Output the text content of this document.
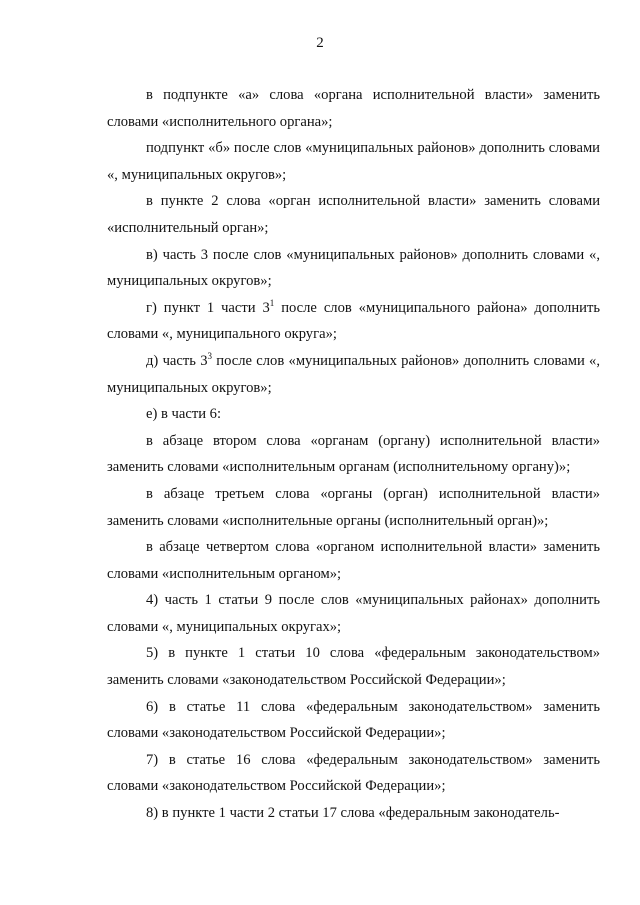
2

в подпункте «а» слова «органа исполнительной власти» заменить словами «исполнительного органа»;

подпункт «б» после слов «муниципальных районов» дополнить словами «, муниципальных округов»;

в пункте 2 слова «орган исполнительной власти» заменить словами «исполнительный орган»;

в) часть 3 после слов «муниципальных районов» дополнить словами «, муниципальных округов»;

г) пункт 1 части $3^1$ после слов «муниципального района» дополнить словами «, муниципального округа»;

д) часть $3^3$ после слов «муниципальных районов» дополнить словами «, муниципальных округов»;

е) в части 6:

в абзаце втором слова «органам (органу) исполнительной власти» заменить словами «исполнительным органам (исполнительному органу)»;

в абзаце третьем слова «органы (орган) исполнительной власти» заменить словами «исполнительные органы (исполнительный орган)»;

в абзаце четвертом слова «органом исполнительной власти» заменить словами «исполнительным органом»;

4) часть 1 статьи 9 после слов «муниципальных районах» дополнить словами «, муниципальных округах»;

5) в пункте 1 статьи 10 слова «федеральным законодательством» заменить словами «законодательством Российской Федерации»;

6) в статье 11 слова «федеральным законодательством» заменить словами «законодательством Российской Федерации»;

7) в статье 16 слова «федеральным законодательством» заменить словами «законодательством Российской Федерации»;

8) в пункте 1 части 2 статьи 17 слова «федеральным законодатель-
